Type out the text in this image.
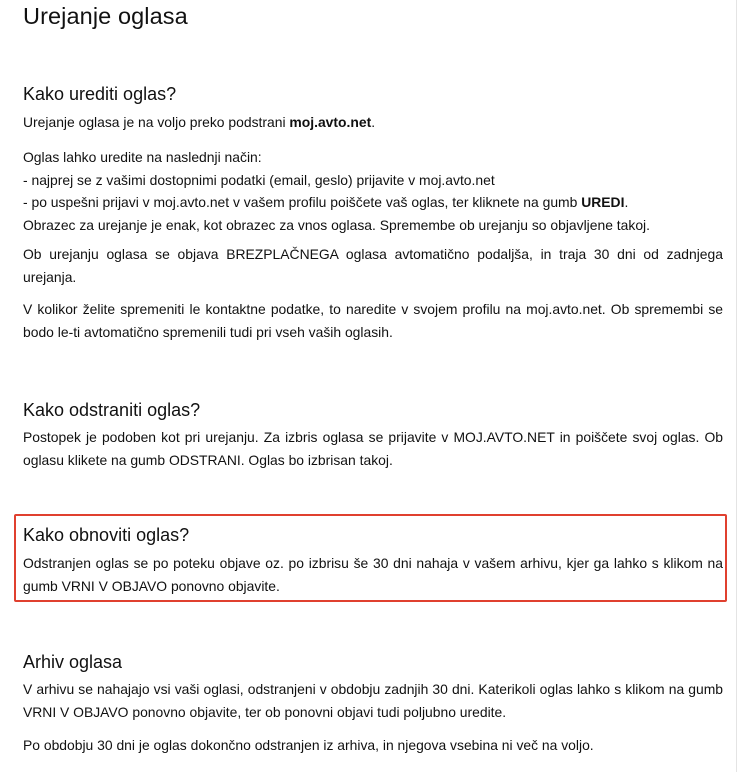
Urejanje oglasa
Kako urediti oglas?

Urejanje oglasa je na voljo preko podstrani moj.avto.net.

Oglas lahko uredite na naslednji način:
- najprej se z vašimi dostopnimi podatki (email, geslo) prijavite v moj.avto.net
- po uspešni prijavi v moj.avto.net v vašem profilu poiščete vaš oglas, ter kliknete na gumb UREDI.
Obrazec za urejanje je enak, kot obrazec za vnos oglasa. Spremembe ob urejanju so objavljene takoj.

Ob urejanju oglasa se objava BREZPLAČNEGA oglasa avtomatično podaljša, in traja 30 dni od zadnjega urejanja.

V kolikor želite spremeniti le kontaktne podatke, to naredite v svojem profilu na moj.avto.net. Ob spremembi se bodo le-ti avtomatično spremenili tudi pri vseh vaših oglasih.

Kako odstraniti oglas?

Postopek je podoben kot pri urejanju. Za izbris oglasa se prijavite v MOJ.AVTO.NET in poiščete svoj oglas. Ob oglasu klikete na gumb ODSTRANI. Oglas bo izbrisan takoj.

Kako obnoviti oglas?

Odstranjen oglas se po poteku objave oz. po izbrisu še 30 dni nahaja v vašem arhivu, kjer ga lahko s klikom na gumb VRNI V OBJAVO ponovno objavite.

Arhiv oglasa

V arhivu se nahajajo vsi vaši oglasi, odstranjeni v obdobju zadnjih 30 dni. Katerikoli oglas lahko s klikom na gumb VRNI V OBJAVO ponovno objavite, ter ob ponovni objavi tudi poljubno uredite.

Po obdobju 30 dni je oglas dokončno odstranjen iz arhiva, in njegova vsebina ni več na voljo.
